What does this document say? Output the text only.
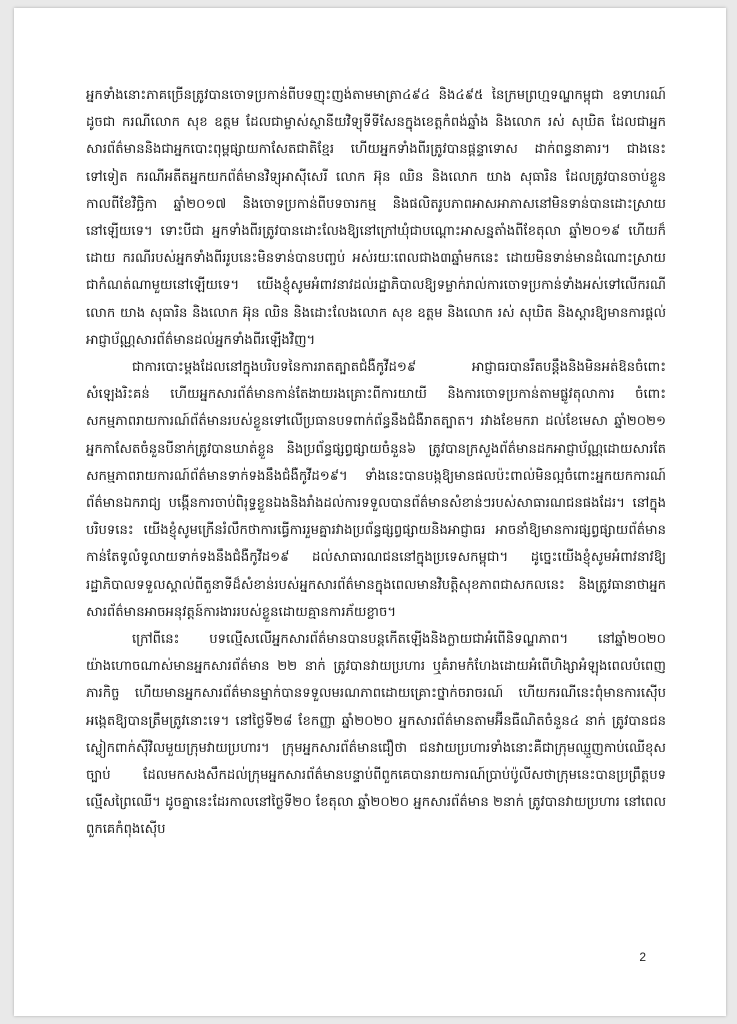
អ្នកទាំងនោះភាគច្រើនត្រូវបានចោទប្រកាន់ពីបទញុះញង់តាមមាត្រា៤៩៤ និង៤៩៥ នៃក្រមព្រហ្មទណ្ឌកម្ពុជា ឧទាហរណ៍ដូចជា ករណីលោក សុខ ឧត្តម ដែលជាម្ចាស់ស្ថានីយវិទ្យុទីទីសែនក្នុងខេត្តកំពង់ឆ្នាំង និងលោក រស់ សុឃិត ដែលជាអ្នកសារព័ត៌មាននិងជាអ្នកបោះពុម្ពផ្សាយកាសែតជាតិខ្មែរ ហើយអ្នកទាំងពីរត្រូវបានផ្តន្ទាទោស ដាក់ពន្ធនាគារ។ ជាងនេះទៅទៀត ករណីអតីតអ្នកយកព័ត៌មានវិទ្យុអាស៊ីសេរី លោក អ៊ុន ឈិន និងលោក យាង សុធារិន ដែលត្រូវបានចាប់ខ្លួនកាលពីខែវិច្ឆិកា ឆ្នាំ២០១៧ និងចោទប្រកាន់ពីបទចារកម្ម និងផលិតរូបភាពអាសអាភាសនៅមិនទាន់បានដោះស្រាយនៅឡើយទេ។ ទោះបីជា អ្នកទាំងពីរត្រូវបានដោះលែងឱ្យនៅក្រៅឃុំជាបណ្ដោះអាសន្នតាំងពីខែតុលា ឆ្នាំ២០១៩ ហើយក៏ដោយ ករណីរបស់អ្នកទាំងពីររូបនេះមិនទាន់បានបញ្ចប់ អស់រយៈពេលជាង៣ឆ្នាំមកនេះ ដោយមិនទាន់មានដំណោះស្រាយជាកំណត់ណាមួយនៅឡើយទេ។ យើងខ្ញុំសូមអំពាវនាវដល់រដ្ឋាភិបាលឱ្យទម្លាក់រាល់ការចោទប្រកាន់ទាំងអស់ទៅលើករណីលោក យាង សុធារិន និងលោក អ៊ុន ឈិន និងដោះលែងលោក សុខ ឧត្តម និងលោក រស់ សុឃិត និងស្ដារឱ្យមានការផ្តល់អាជ្ញាប័ណ្ណសារព័ត៌មានដល់អ្នកទាំងពីរឡើងវិញ។

ជាការបោះម្តងដែលនៅក្នុងបរិបទនៃការរាតត្បាតជំងឺកូវីដ១៩ អាជ្ញាធរបានរឹតបន្តឹងនិងមិនអត់ឱនចំពោះសំឡេងរិះគន់ ហើយអ្នកសារព័ត៌មានកាន់តែងាយរងគ្រោះពីការយាយី និងការចោទប្រកាន់តាមផ្លូវតុលាការ ចំពោះសកម្មភាពរាយការណ៍ព័ត៌មានរបស់ខ្លួនទៅលើប្រធានបទពាក់ព័ន្ធនឹងជំងឺរាតត្បាត។ រវាងខែមករា ដល់ខែមេសា ឆ្នាំ២០២១ អ្នកកាសែតចំនួនបីនាក់ត្រូវបានឃាត់ខ្លួន និងប្រព័ន្ធផ្សព្វផ្សាយចំនួន៦ ត្រូវបានក្រសួងព័ត៌មានដកអាជ្ញាប័ណ្ណដោយសារតែសកម្មភាពរាយការណ៍ព័ត៌មានទាក់ទងនឹងជំងឺកូវីដ១៩។ ទាំងនេះបានបង្កឱ្យមានផលប៉ះពាល់មិនល្អចំពោះអ្នកយកការណ៍ព័ត៌មានឯករាជ្យ បង្កើនការចាប់ពិរុទ្ធខ្លួនឯងនិងរាំងដល់ការទទួលបានព័ត៌មានសំខាន់ៗរបស់សាធារណជនផងដែរ។ នៅក្នុងបរិបទនេះ យើងខ្ញុំសូមក្រើនរំលឹកថាការធ្វើការរួមគ្នារវាងប្រព័ន្ធផ្សព្វផ្សាយនិងអាជ្ញាធរ អាចនាំឱ្យមានការផ្សព្វផ្សាយព័ត៌មានកាន់តែទូលំទូលាយទាក់ទងនឹងជំងឺកូវីដ១៩ ដល់សាធារណជននៅក្នុងប្រទេសកម្ពុជា។ ដូច្នេះយើងខ្ញុំសូមអំពាវនាវឱ្យរដ្ឋាភិបាលទទួលស្គាល់ពីតួនាទីដ៏សំខាន់របស់អ្នកសារព័ត៌មានក្នុងពេលមានវិបត្តិសុខភាពជាសកលនេះ និងត្រូវធានាថាអ្នកសារព័ត៌មានអាចអនុវត្តន៍ការងាររបស់ខ្លួនដោយគ្មានការភ័យខ្លាច។

ក្រៅពីនេះ បទល្មើសលើអ្នកសារព័ត៌មានបានបន្តកើតឡើងនិងក្លាយជាអំពើនិទណ្ឌភាព។ នៅឆ្នាំ២០២០ យ៉ាងហោចណាស់មានអ្នកសារព័ត៌មាន ២២ នាក់ ត្រូវបានវាយប្រហារ ឬគំរាមកំហែងដោយអំពើហិង្សាអំឡុងពេលបំពេញភារកិច្ច ហើយមានអ្នកសារព័ត៌មានម្នាក់បានទទួលមរណភាពដោយគ្រោះថ្នាក់ចរាចរណ៍ ហើយករណីនេះពុំមានការស៊ើបអង្កេតឱ្យបានត្រឹមត្រូវនោះទេ។ នៅថ្ងៃទី២៨ ខែកញ្ញា ឆ្នាំ២០២០ អ្នកសារព័ត៌មានតាមអ៊ីនធឺណិតចំនួន៤ នាក់ ត្រូវបានជនស្លៀកពាក់ស៊ីវិលមួយក្រុមវាយប្រហារ។ ក្រុមអ្នកសារព័ត៌មានជឿថា ជនវាយប្រហារទាំងនោះគឺជាក្រុមឈ្មួញកាប់ឈើខុសច្បាប់ ដែលមកសងសឹកដល់ក្រុមអ្នកសារព័ត៌មានបន្ទាប់ពីពួកគេបានរាយការណ៍ប្រាប់ប៉ូលីសថាក្រុមនេះបានប្រព្រឹត្តបទល្មើសព្រៃឈើ។ ដូចគ្នានេះដែរកាលនៅថ្ងៃទី២០ ខែតុលា ឆ្នាំ២០២០ អ្នកសារព័ត៌មាន ២នាក់ ត្រូវបានវាយប្រហារ នៅពេលពួកគេកំពុងស៊ើប

2
